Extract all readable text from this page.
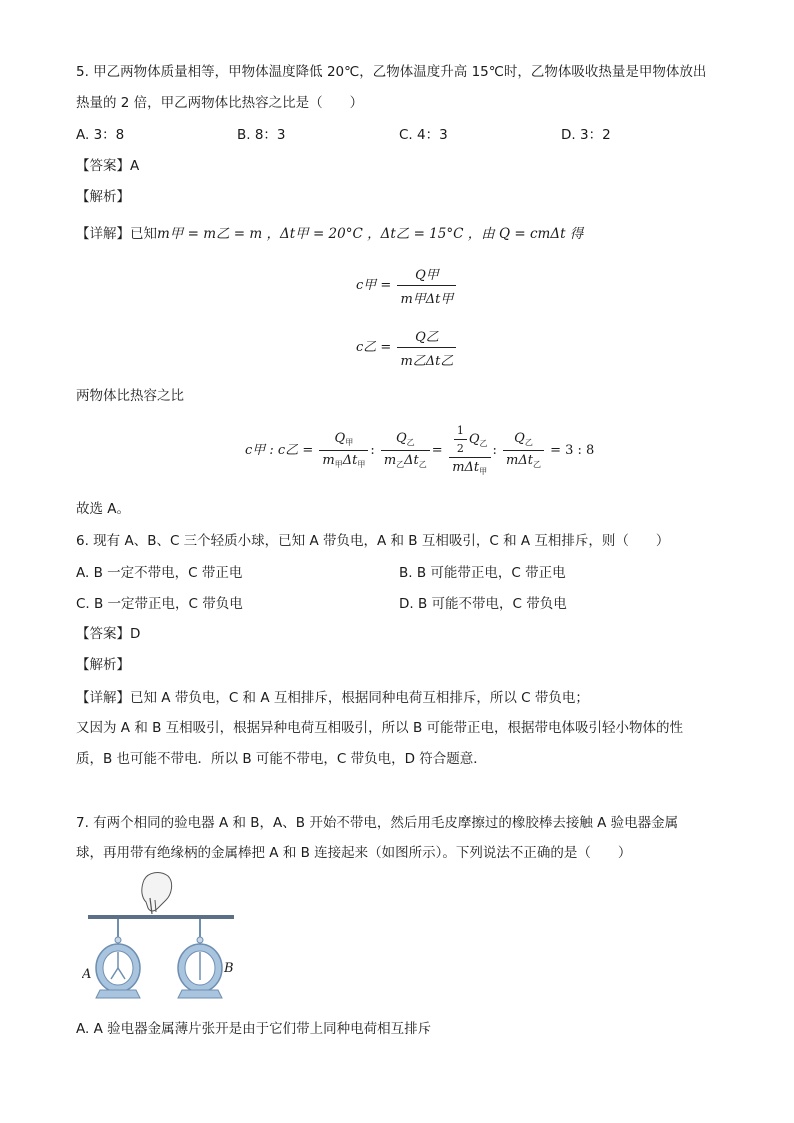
5. 甲乙两物体质量相等，甲物体温度降低 20℃，乙物体温度升高 15℃时，乙物体吸收热量是甲物体放出
热量的 2 倍，甲乙两物体比热容之比是（　　）
A. 3：8	B. 8：3	C. 4：3	D. 3：2
【答案】A
【解析】
【详解】已知m甲 = m乙 = m ，Δt甲 = 20°C ，Δt乙 = 15°C ，由 Q = cmΔt 得
c甲 = $\frac{\text{Q甲}}{\text{m甲Δt甲}}$
c乙 = $\frac{\text{Q乙}}{\text{m乙Δt乙}}$
两物体比热容之比
c甲 : c乙 = $\frac{Q_甲}{m_甲\Delta t_甲}$ : $\frac{Q_乙}{m_乙\Delta t_乙} = \frac{\frac{1}{2} Q_乙}{m\Delta t_甲}$ : $\frac{Q_乙}{m\Delta t_乙} = 3$ : 8
故选 A。
6. 现有 A、B、C 三个轻质小球，已知 A 带负电，A 和 B 互相吸引，C 和 A 互相排斥，则（　　）
A. B 一定不带电，C 带正电	B. B 可能带正电，C 带正电
C. B 一定带正电，C 带负电	D. B 可能不带电，C 带负电
【答案】D
【解析】
【详解】已知 A 带负电，C 和 A 互相排斥，根据同种电荷互相排斥，所以 C 带负电；
又因为 A 和 B 互相吸引，根据异种电荷互相吸引，所以 B 可能带正电，根据带电体吸引轻小物体的性
质，B 也可能不带电．所以 B 可能不带电，C 带负电，D 符合题意．
7. 有两个相同的验电器 A 和 B，A、B 开始不带电，然后用毛皮摩擦过的橡胶棒去接触 A 验电器金属
球，再用带有绝缘柄的金属棒把 A 和 B 连接起来（如图所示）。下列说法不正确的是（　　）
A	B
A. A 验电器金属薄片张开是由于它们带上同种电荷相互排斥
